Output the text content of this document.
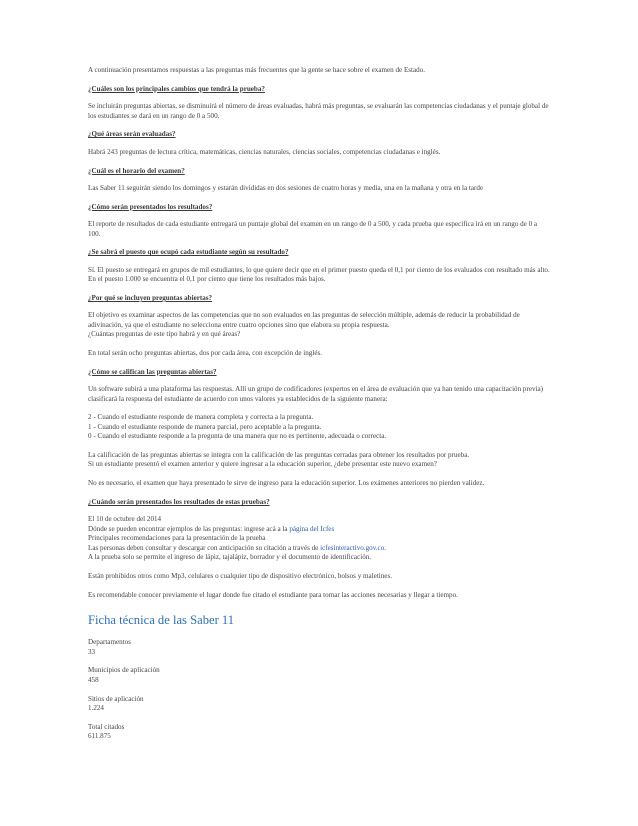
A continuación presentamos respuestas a las preguntas más frecuentes que la gente se hace sobre el examen de Estado.

¿Cuáles son los principales cambios que tendrá la prueba?

Se incluirán preguntas abiertas, se disminuirá el número de áreas evaluadas, habrá más preguntas, se evaluarán las competencias ciudadanas y el puntaje global de los estudiantes se dará en un rango de 0 a 500.

¿Qué áreas serán evaluadas?

Habrá 243 preguntas de lectura crítica, matemáticas, ciencias naturales, ciencias sociales, competencias ciudadanas e inglés.

¿Cuál es el horario del examen?

Las Saber 11 seguirán siendo los domingos y estarán divididas en dos sesiones de cuatro horas y media, una en la mañana y otra en la tarde

¿Cómo serán presentados los resultados?

El reporte de resultados de cada estudiante entregará un puntaje global del examen en un rango de 0 a 500, y cada prueba que especifica irá en un rango de 0 a 100.

¿Se sabrá el puesto que ocupó cada estudiante según su resultado?

Sí. El puesto se entregará en grupos de mil estudiantes, lo que quiere decir que en el primer puesto queda el 0,1 por ciento de los evaluados con resultado más alto. En el puesto 1.000 se encuentra el 0,1 por ciento que tiene los resultados más bajos.

¿Por qué se incluyen preguntas abiertas?

El objetivo es examinar aspectos de las competencias que no son evaluados en las preguntas de selección múltiple, además de reducir la probabilidad de adivinación, ya que el estudiante no selecciona entre cuatro opciones sino que elabora su propia respuesta.
¿Cuántas preguntas de este tipo habrá y en qué áreas?

En total serán ocho preguntas abiertas, dos por cada área, con excepción de inglés.

¿Cómo se califican las preguntas abiertas?

Un software subirá a una plataforma las respuestas. Allí un grupo de codificadores (expertos en el área de evaluación que ya han tenido una capacitación previa) clasificará la respuesta del estudiante de acuerdo con unos valores ya establecidos de la siguiente manera:

2 - Cuando el estudiante responde de manera completa y correcta a la pregunta.
1 - Cuando el estudiante responde de manera parcial, pero aceptable a la pregunta.
0 - Cuando el estudiante responde a la pregunta de una manera que no es pertinente, adecuada o correcta.

La calificación de las preguntas abiertas se integra con la calificación de las preguntas cerradas para obtener los resultados por prueba.
Si un estudiante presentó el examen anterior y quiere ingresar a la educación superior, ¿debe presentar este nuevo examen?

No es necesario, el examen que haya presentado le sirve de ingreso para la educación superior. Los exámenes anteriores no pierden validez.

¿Cuándo serán presentados los resultados de estas pruebas?

El 10 de octubre del 2014
Dónde se pueden encontrar ejemplos de las preguntas: ingrese acá a la página del Icfes
Principales recomendaciones para la presentación de la prueba
Las personas deben consultar y descargar con anticipación su citación a través de icfesinteractivo.gov.co.
A la prueba solo se permite el ingreso de lápiz, tajalápiz, borrador y el documento de identificación.

Están prohibidos otros como Mp3, celulares o cualquier tipo de dispositivo electrónico, bolsos y maletines.

Es recomendable conocer previamente el lugar donde fue citado el estudiante para tomar las acciones necesarias y llegar a tiempo.

Ficha técnica de las Saber 11
Departamentos
33
Municipios de aplicación
458
Sitios de aplicación
1.224
Total citados
611.875
